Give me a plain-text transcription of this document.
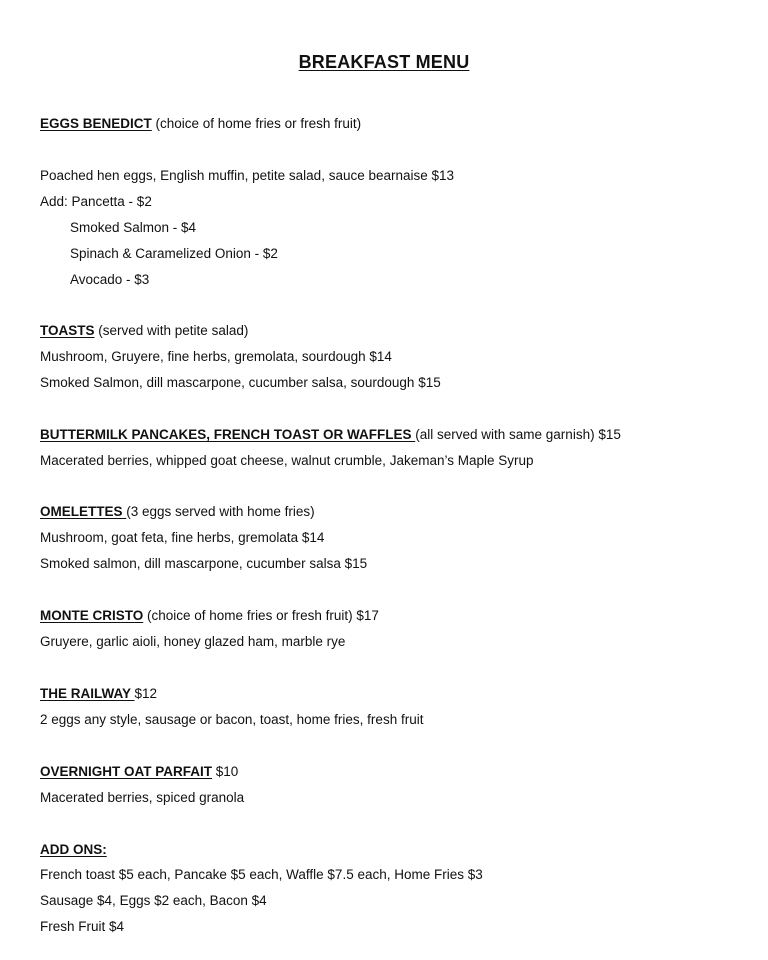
BREAKFAST MENU
EGGS BENEDICT (choice of home fries or fresh fruit)
Poached hen eggs, English muffin, petite salad, sauce bearnaise $13
Add: Pancetta - $2
Smoked Salmon - $4
Spinach & Caramelized Onion - $2
Avocado - $3
TOASTS (served with petite salad)
Mushroom, Gruyere, fine herbs, gremolata, sourdough $14
Smoked Salmon, dill mascarpone, cucumber salsa, sourdough $15
BUTTERMILK PANCAKES, FRENCH TOAST OR WAFFLES (all served with same garnish) $15
Macerated berries, whipped goat cheese, walnut crumble, Jakeman’s Maple Syrup
OMELETTES (3 eggs served with home fries)
Mushroom, goat feta, fine herbs, gremolata $14
Smoked salmon, dill mascarpone, cucumber salsa $15
MONTE CRISTO (choice of home fries or fresh fruit) $17
Gruyere, garlic aioli, honey glazed ham, marble rye
THE RAILWAY $12
2 eggs any style, sausage or bacon, toast, home fries, fresh fruit
OVERNIGHT OAT PARFAIT $10
Macerated berries, spiced granola
ADD ONS:
French toast $5 each, Pancake $5 each, Waffle $7.5 each, Home Fries $3
Sausage $4, Eggs $2 each, Bacon $4
Fresh Fruit $4
